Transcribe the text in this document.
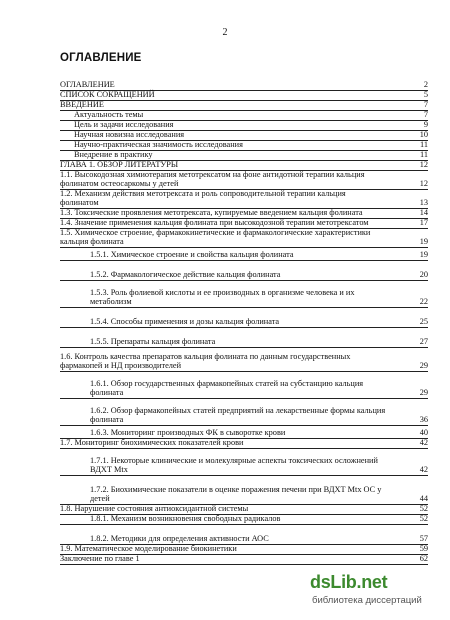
2
ОГЛАВЛЕНИЕ
ОГЛАВЛЕНИЕ	2
СПИСОК СОКРАЩЕНИЙ	5
ВВЕДЕНИЕ	7
Актуальность темы	7
Цель и задачи исследования	9
Научная новизна исследования	10
Научно-практическая значимость исследования	11
Внедрение в практику	11
ГЛАВА 1. ОБЗОР ЛИТЕРАТУРЫ	12
1.1. Высокодозная химиотерапия метотрексатом на фоне антидотной терапии кальция
фолинатом остеосаркомы у детей	12
1.2. Механизм действия метотрексата и роль сопроводительной терапии кальция
фолинатом	13
1.3. Токсические проявления метотрексата, купируемые введением кальция фолината	14
1.4. Значение применения кальция фолината при высокодозной терапии метотрексатом	17
1.5. Химическое строение, фармакокинетические и фармакологические характеристики
кальция фолината	19
1.5.1. Химическое строение и свойства кальция фолината	19
1.5.2. Фармакологическое действие кальция фолината	20
1.5.3. Роль фолиевой кислоты и ее производных в организме человека и их
метаболизм	22
1.5.4. Способы применения и дозы кальция фолината	25
1.5.5. Препараты кальция фолината	27
1.6. Контроль качества препаратов кальция фолината по данным государственных
фармакопей и НД производителей	29
1.6.1. Обзор государственных фармакопейных статей на субстанцию кальция
фолината	29
1.6.2. Обзор фармакопейных статей предприятий на лекарственные формы кальция
фолината	36
1.6.3. Мониторинг производных ФК в сыворотке крови	40
1.7. Мониторинг биохимических показателей крови	42
1.7.1. Некоторые клинические и молекулярные аспекты токсических осложнений
ВДХТ Mtx	42
1.7.2. Биохимические показатели в оценке поражения печени при ВДХТ Mtx ОС у
детей	44
1.8. Нарушение состояния антиоксидантной системы	52
1.8.1. Механизм возникновения свободных радикалов	52
1.8.2. Методики для определения активности АОС	57
1.9. Математическое моделирование биокинетики	59
Заключение по главе 1	62
dsLib.net
библиотека диссертаций
